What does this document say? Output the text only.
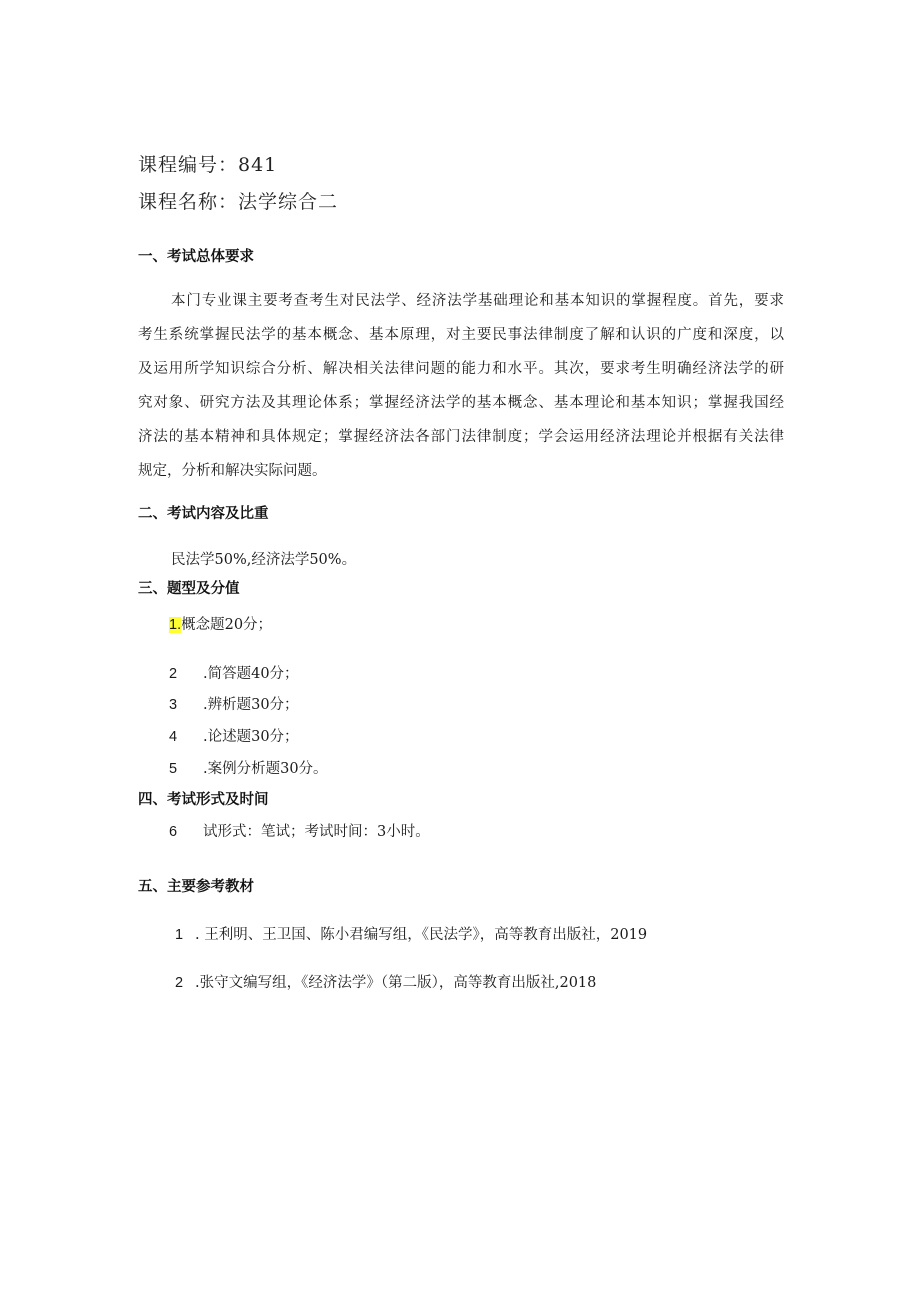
课程编号：841
课程名称：法学综合二
一、考试总体要求
本门专业课主要考查考生对民法学、经济法学基础理论和基本知识的掌握程度。首先，要求
考生系统掌握民法学的基本概念、基本原理，对主要民事法律制度了解和认识的广度和深度，以
及运用所学知识综合分析、解决相关法律问题的能力和水平。其次，要求考生明确经济法学的研
究对象、研究方法及其理论体系；掌握经济法学的基本概念、基本理论和基本知识；掌握我国经
济法的基本精神和具体规定；掌握经济法各部门法律制度；学会运用经济法理论并根据有关法律
规定，分析和解决实际问题。
二、考试内容及比重
民法学50%,经济法学50%。
三、题型及分值
1.概念题20分；
2 .简答题40分；
3 .辨析题30分；
4 .论述题30分；
5 .案例分析题30分。
四、考试形式及时间
6 试形式：笔试；考试时间：3小时。
五、主要参考教材
1 . 王利明、王卫国、陈小君编写组，《民法学》，高等教育出版社，2019
2 .张守文编写组，《经济法学》（第二版），高等教育出版社,2018
